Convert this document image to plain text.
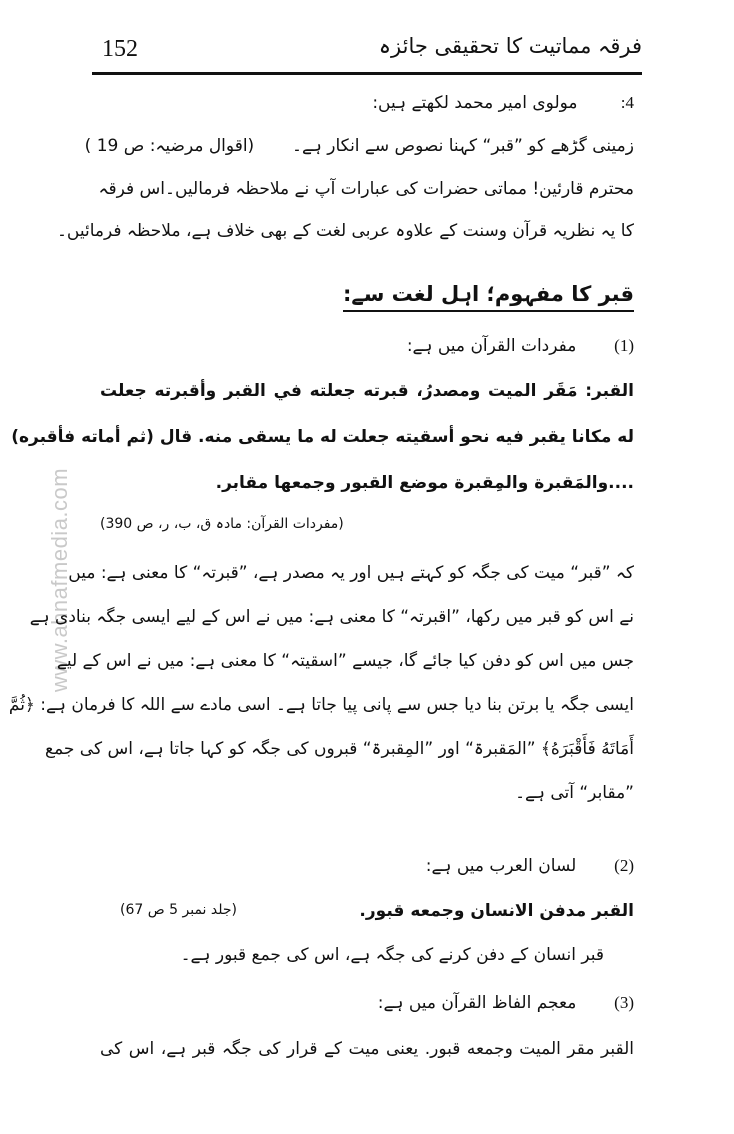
152	فرقہ مماتیت کا تحقیقی جائزہ
www.ahnafmedia.com
4:        مولوی امیر محمد لکھتے ہیں:
زمینی گڑھے کو ”قبر“ کہنا نصوص سے انکار ہے۔       (اقوال مرضیہ: ص 19 )
محترم قارئین! مماتی حضرات کی عبارات آپ نے ملاحظہ فرمالیں۔اس فرقہ
کا یہ نظریہ قرآن وسنت کے علاوہ عربی لغت کے بھی خلاف ہے، ملاحظہ فرمائیں۔
قبر کا مفہوم؛ اہل لغت سے:
(1)       مفردات القرآن میں ہے:
القبر: مَقَر الميت ومصدرُ، قبرته جعلته في القبر وأقبرته جعلت
له مكانا يقبر فيه نحو أسقيته جعلت له ما يسقى منه. قال (ثم أماته فأقبره)
....والمَقبرة والمِقبرة موضع القبور وجمعها مقابر.
(مفردات القرآن: مادہ ق، ب، ر، ص 390)
کہ ”قبر“ میت کی جگہ کو کہتے ہیں اور یہ مصدر ہے، ”قبرتہ“ کا معنی ہے: میں
نے اس کو قبر میں رکھا، ”اقبرتہ“ کا معنی ہے: میں نے اس کے لیے ایسی جگہ بنادی ہے
جس میں اس کو دفن کیا جائے گا، جیسے ”اسقیتہ“ کا معنی ہے: میں نے اس کے لیے
ایسی جگہ یا برتن بنا دیا جس سے پانی پیا جاتا ہے۔ اسی مادے سے اللہ کا فرمان ہے: ﴿ثُمَّ
أَمَاتَهُ فَأَقْبَرَهُ﴾ ”المَقبرۃ“ اور ”المِقبرۃ“ قبروں کی جگہ کو کہا جاتا ہے، اس کی جمع
”مقابر“ آتی ہے۔
(2)       لسان العرب میں ہے:
القبر مدفن الانسان وجمعه قبور.
(جلد نمبر 5 ص 67)
قبر انسان کے دفن کرنے کی جگہ ہے، اس کی جمع قبور ہے۔
(3)       معجم الفاظ القرآن میں ہے:
القبر مقر الميت وجمعه قبور. یعنی میت کے قرار کی جگہ قبر ہے، اس کی
